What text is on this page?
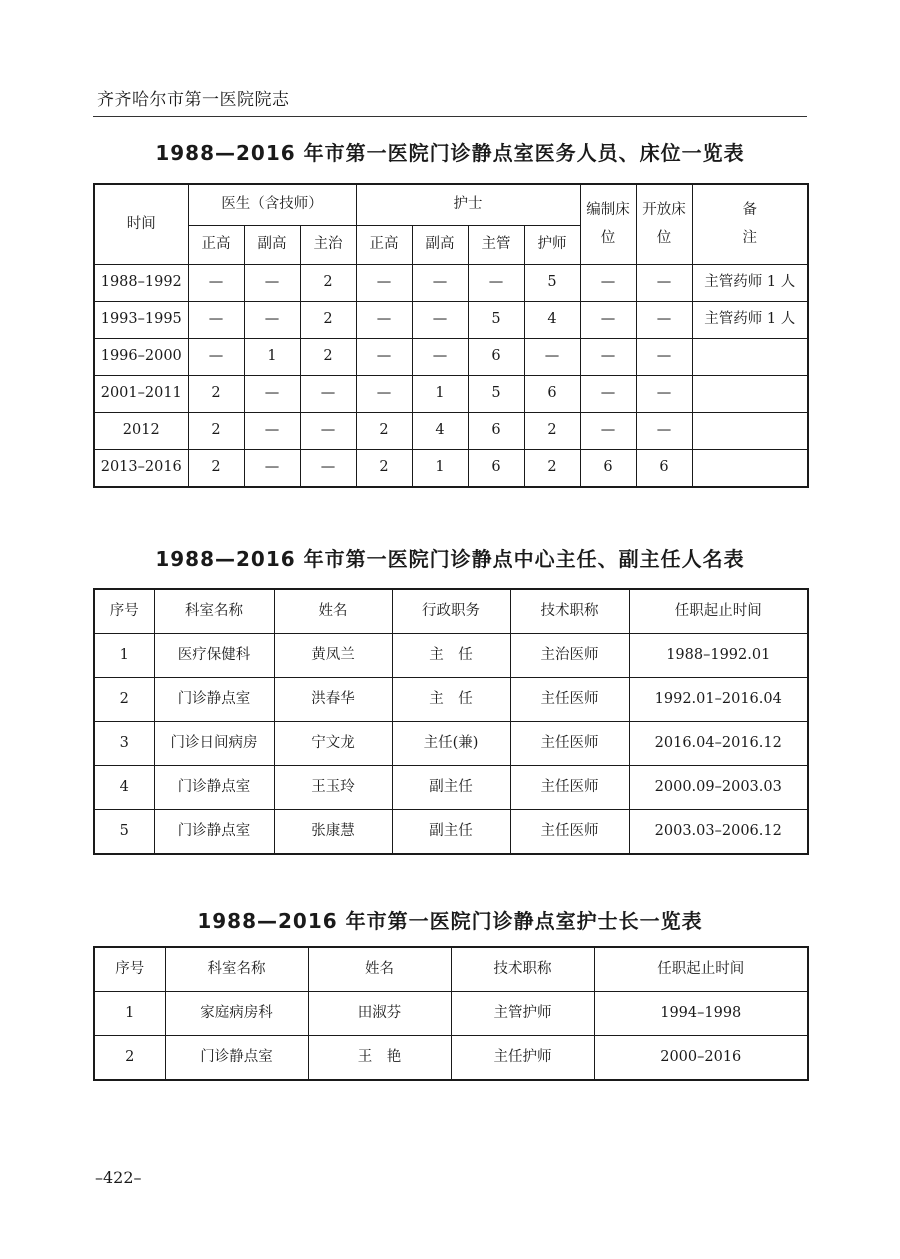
齐齐哈尔市第一医院院志
1988—2016 年市第一医院门诊静点室医务人员、床位一览表
时间	医生（含技师）			护士				编制床位	开放床位	备注
	正高	副高	主治	正高	副高	主管	护师			
1988–1992	—	—	2	—	—	—	5	—	—	主管药师 1 人
1993–1995	—	—	2	—	—	5	4	—	—	主管药师 1 人
1996–2000	—	1	2	—	—	6	—	—	—	
2001–2011	2	—	—	—	1	5	6	—	—	
2012	2	—	—	2	4	6	2	—	—	
2013–2016	2	—	—	2	1	6	2	6	6	
1988—2016 年市第一医院门诊静点中心主任、副主任人名表
序号	科室名称	姓名	行政职务	技术职称	任职起止时间
1	医疗保健科	黄凤兰	主　任	主治医师	1988–1992.01
2	门诊静点室	洪春华	主　任	主任医师	1992.01–2016.04
3	门诊日间病房	宁文龙	主任(兼)	主任医师	2016.04–2016.12
4	门诊静点室	王玉玲	副主任	主任医师	2000.09–2003.03
5	门诊静点室	张康慧	副主任	主任医师	2003.03–2006.12
1988—2016 年市第一医院门诊静点室护士长一览表
序号	科室名称	姓名	技术职称	任职起止时间
1	家庭病房科	田淑芬	主管护师	1994–1998
2	门诊静点室	王　艳	主任护师	2000–2016
–422–
